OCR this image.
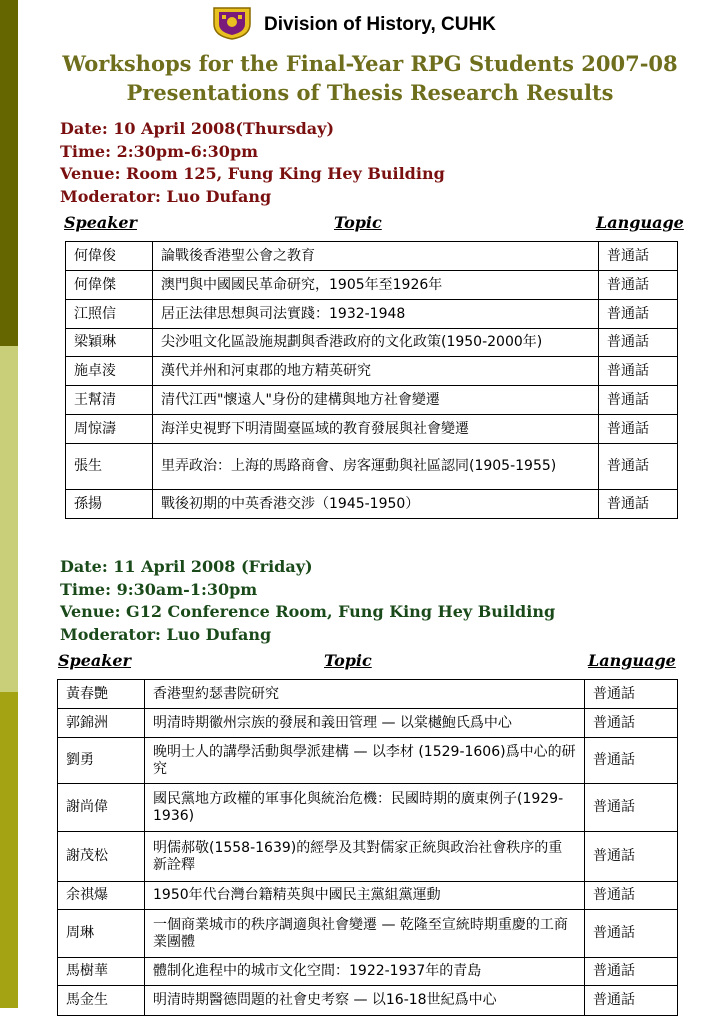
Division of History, CUHK
Workshops for the Final-Year RPG Students 2007-08
Presentations of Thesis Research Results
Date: 10 April 2008(Thursday)
Time: 2:30pm-6:30pm
Venue: Room 125, Fung King Hey Building
Moderator: Luo Dufang
Speaker	Topic	Language
何偉俊	論戰後香港聖公會之教育	普通話
何偉傑	澳門與中國國民革命研究，1905年至1926年	普通話
江照信	居正法律思想與司法實踐：1932-1948	普通話
梁穎琳	尖沙咀文化區設施規劃與香港政府的文化政策(1950-2000年)	普通話
施卓淩	漢代并州和河東郡的地方精英研究	普通話
王幫清	清代江西"懷遠人"身份的建構與地方社會變遷	普通話
周惊濤	海洋史視野下明清閩臺區域的教育發展與社會變遷	普通話
張生	里弄政治：上海的馬路商會、房客運動與社區認同(1905-1955)	普通話
孫揚	戰後初期的中英香港交涉（1945-1950）	普通話
Date: 11 April 2008 (Friday)
Time: 9:30am-1:30pm
Venue: G12 Conference Room, Fung King Hey Building
Moderator: Luo Dufang
Speaker	Topic	Language
黃春艷	香港聖約瑟書院研究	普通話
郭錦洲	明清時期徽州宗族的發展和義田管理 — 以棠樾鮑氏爲中心	普通話
劉勇	晚明士人的講學活動與學派建構 — 以李材 (1529-1606)爲中心的研究	普通話
謝尚偉	國民黨地方政權的軍事化與統治危機：民國時期的廣東例子(1929-1936)	普通話
謝茂松	明儒郝敬(1558-1639)的經學及其對儒家正統與政治社會秩序的重新詮釋	普通話
余祺爆	1950年代台灣台籍精英與中國民主黨組黨運動	普通話
周琳	一個商業城市的秩序調適與社會變遷 — 乾隆至宣統時期重慶的工商業團體	普通話
馬樹華	體制化進程中的城市文化空間：1922-1937年的青島	普通話
馬金生	明清時期醫德問題的社會史考察 — 以16-18世紀爲中心	普通話
